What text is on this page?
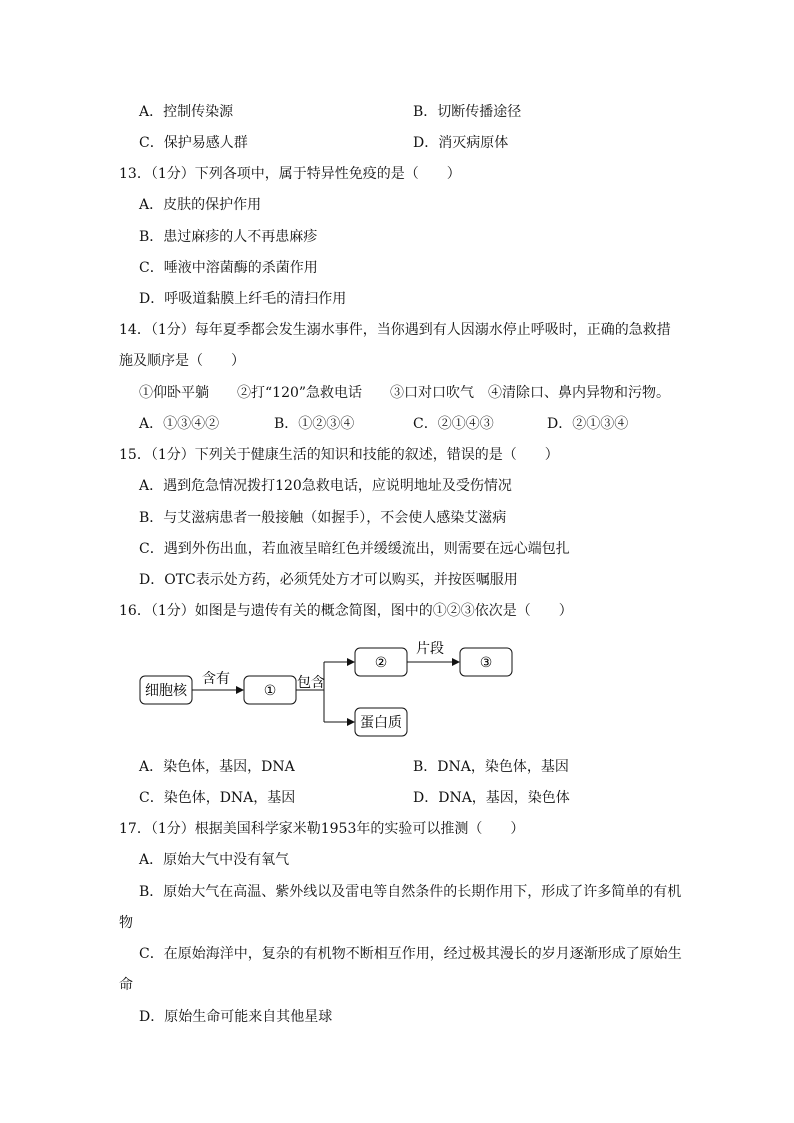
A．控制传染源	B．切断传播途径
C．保护易感人群	D．消灭病原体
13．（1分）下列各项中，属于特异性免疫的是（　　）
A．皮肤的保护作用
B．患过麻疹的人不再患麻疹
C．唾液中溶菌酶的杀菌作用
D．呼吸道黏膜上纤毛的清扫作用
14．（1分）每年夏季都会发生溺水事件，当你遇到有人因溺水停止呼吸时，正确的急救措
施及顺序是（　　）
①仰卧平躺　　②打“120”急救电话　　③口对口吹气　④清除口、鼻内异物和污物。
A．①③④②	B．①②③④	C．②①④③	D．②①③④
15．（1分）下列关于健康生活的知识和技能的叙述，错误的是（　　）
A．遇到危急情况拨打120急救电话，应说明地址及受伤情况
B．与艾滋病患者一般接触（如握手），不会使人感染艾滋病
C．遇到外伤出血，若血液呈暗红色并缓缓流出，则需要在远心端包扎
D．OTC表示处方药，必须凭处方才可以购买，并按医嘱服用
16．（1分）如图是与遗传有关的概念简图，图中的①②③依次是（　　）
细胞核
含有
① 包含
②
片段
③
蛋白质
A．染色体，基因，DNA	B．DNA，染色体，基因
C．染色体，DNA，基因	D．DNA，基因，染色体
17．（1分）根据美国科学家米勒1953年的实验可以推测（　　）
A．原始大气中没有氧气
B．原始大气在高温、紫外线以及雷电等自然条件的长期作用下，形成了许多简单的有机
物
C．在原始海洋中，复杂的有机物不断相互作用，经过极其漫长的岁月逐渐形成了原始生
命
D．原始生命可能来自其他星球
